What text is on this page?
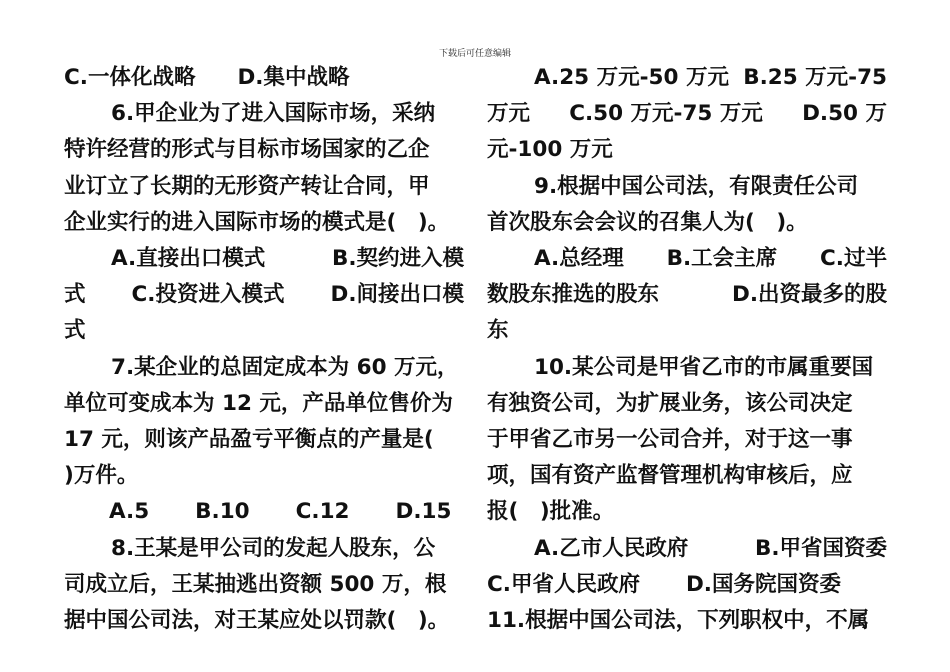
下载后可任意编辑
C.一体化战略 D.集中战略

6.甲企业为了进入国际市场，采纳

特许经营的形式与目标市场国家的乙企

业订立了长期的无形资产转让合同，甲

企业实行的进入国际市场的模式是(　)。

A.直接出口模式	B.契约进入模
式 C.投资进入模式 D.间接出口模

式

7.某企业的总固定成本为 60 万元，

单位可变成本为 12 元，产品单位售价为

17 元，则该产品盈亏平衡点的产量是(

)万件。

A.5 B.10 C.12 D.15

8.王某是甲公司的发起人股东，公

司成立后，王某抽逃出资额 500 万，根

据中国公司法，对王某应处以罚款(　)。

A.25 万元-50 万元 B.25 万元-75
万元 C.50 万元-75 万元 D.50 万

元-100 万元

9.根据中国公司法，有限责任公司

首次股东会会议的召集人为(　)。

A.总经理 B.工会主席 C.过半
数股东推选的股东	D.出资最多的股

东

10.某公司是甲省乙市的市属重要国

有独资公司，为扩展业务，该公司决定

于甲省乙市另一公司合并，对于这一事

项，国有资产监督管理机构审核后，应

报(　)批准。

A.乙市人民政府	B.甲省国资委
C.甲省人民政府 D.国务院国资委

11.根据中国公司法，下列职权中，不属
